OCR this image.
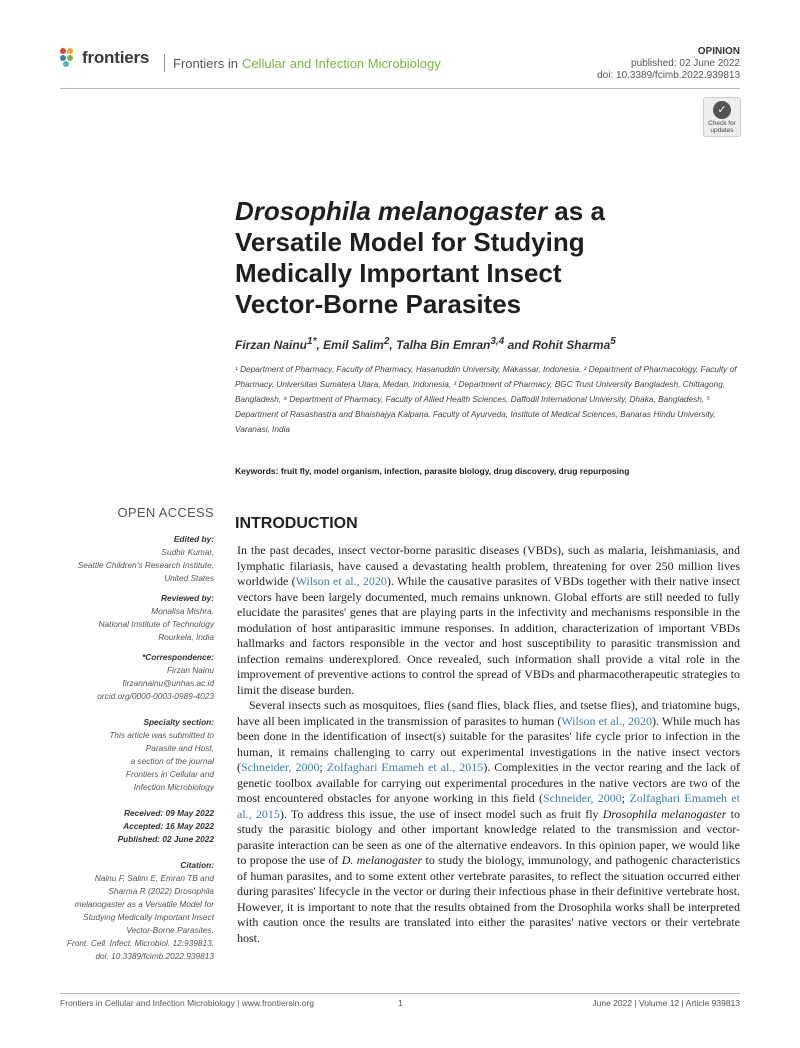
frontiers Frontiers in Cellular and Infection Microbiology
OPINION
published: 02 June 2022
doi: 10.3389/fcimb.2022.939813
✓
Check for
updates
Drosophila melanogaster as a
Versatile Model for Studying
Medically Important Insect
Vector-Borne Parasites
Firzan Nainu$^{1*}$, Emil Salim$^2$, Talha Bin Emran$^{3,4}$ and Rohit Sharma$^5$
¹ Department of Pharmacy, Faculty of Pharmacy, Hasanuddin University, Makassar, Indonesia, ² Department of Pharmacology, Faculty of Pharmacy, Universitas Sumatera Utara, Medan, Indonesia, ³ Department of Pharmacy, BGC Trust University Bangladesh, Chittagong, Bangladesh, ⁴ Department of Pharmacy, Faculty of Allied Health Sciences, Daffodil International University, Dhaka, Bangladesh, ⁵ Department of Rasashastra and Bhaishajya Kalpana, Faculty of Ayurveda, Institute of Medical Sciences, Banaras Hindu University, Varanasi, India
Keywords: fruit fly, model organism, infection, parasite biology, drug discovery, drug repurposing
OPEN ACCESS
Edited by:
Sudhir Kumar,
Seattle Children's Research Institute,
United States
Reviewed by:
Monalisa Mishra,
National Institute of Technology
Rourkela, India
*Correspondence:
Firzan Nainu
firzannainu@unhas.ac.id
orcid.org/0000-0003-0989-4023
Specialty section:
This article was submitted to
Parasite and Host,
a section of the journal
Frontiers in Cellular and
Infection Microbiology
Received: 09 May 2022
Accepted: 16 May 2022
Published: 02 June 2022
Citation:
Nainu F, Salim E, Emran TB and
Sharma R (2022) Drosophila
melanogaster as a Versatile Model for
Studying Medically Important Insect
Vector-Borne Parasites.
Front. Cell. Infect. Microbiol. 12:939813.
doi: 10.3389/fcimb.2022.939813
INTRODUCTION

In the past decades, insect vector-borne parasitic diseases (VBDs), such as malaria, leishmaniasis, and lymphatic filariasis, have caused a devastating health problem, threatening for over 250 million lives worldwide (Wilson et al., 2020). While the causative parasites of VBDs together with their native insect vectors have been largely documented, much remains unknown. Global efforts are still needed to fully elucidate the parasites' genes that are playing parts in the infectivity and mechanisms responsible in the modulation of host antiparasitic immune responses. In addition, characterization of important VBDs hallmarks and factors responsible in the vector and host susceptibility to parasitic transmission and infection remains underexplored. Once revealed, such information shall provide a vital role in the improvement of preventive actions to control the spread of VBDs and pharmacotherapeutic strategies to limit the disease burden.

Several insects such as mosquitoes, flies (sand flies, black flies, and tsetse flies), and triatomine bugs, have all been implicated in the transmission of parasites to human (Wilson et al., 2020). While much has been done in the identification of insect(s) suitable for the parasites' life cycle prior to infection in the human, it remains challenging to carry out experimental investigations in the native insect vectors (Schneider, 2000; Zolfaghari Emameh et al., 2015). Complexities in the vector rearing and the lack of genetic toolbox available for carrying out experimental procedures in the native vectors are two of the most encountered obstacles for anyone working in this field (Schneider, 2000; Zolfaghari Emameh et al., 2015). To address this issue, the use of insect model such as fruit fly Drosophila melanogaster to study the parasitic biology and other important knowledge related to the transmission and vector-parasite interaction can be seen as one of the alternative endeavors. In this opinion paper, we would like to propose the use of D. melanogaster to study the biology, immunology, and pathogenic characteristics of human parasites, and to some extent other vertebrate parasites, to reflect the situation occurred either during parasites' lifecycle in the vector or during their infectious phase in their definitive vertebrate host. However, it is important to note that the results obtained from the Drosophila works shall be interpreted with caution once the results are translated into either the parasites' native vectors or their vertebrate host.

Frontiers in Cellular and Infection Microbiology | www.frontiersin.org	1	June 2022 | Volume 12 | Article 939813
